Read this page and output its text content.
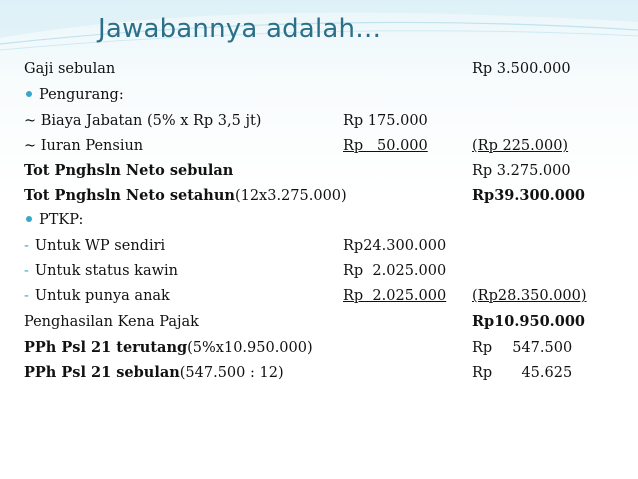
Jawabannya adalah…
Gaji sebulan	Rp 3.500.000
Pengurang:
~ Biaya Jabatan (5% x Rp 3,5 jt)	Rp 175.000
~ Iuran Pensiun	Rp   50.000	(Rp 225.000)
Tot Pnghsln Neto sebulan	Rp 3.275.000
Tot Pnghsln Neto setahun(12x3.275.000)	Rp39.300.000
PTKP:
- Untuk WP sendiri	Rp24.300.000
- Untuk status kawin	Rp  2.025.000
- Untuk punya anak	Rp  2.025.000 (Rp28.350.000)
Penghasilan Kena Pajak	Rp10.950.000
PPh Psl 21 terutang(5%x10.950.000)	Rp 547.500
PPh Psl 21 sebulan(547.500 : 12)	Rp 45.625
